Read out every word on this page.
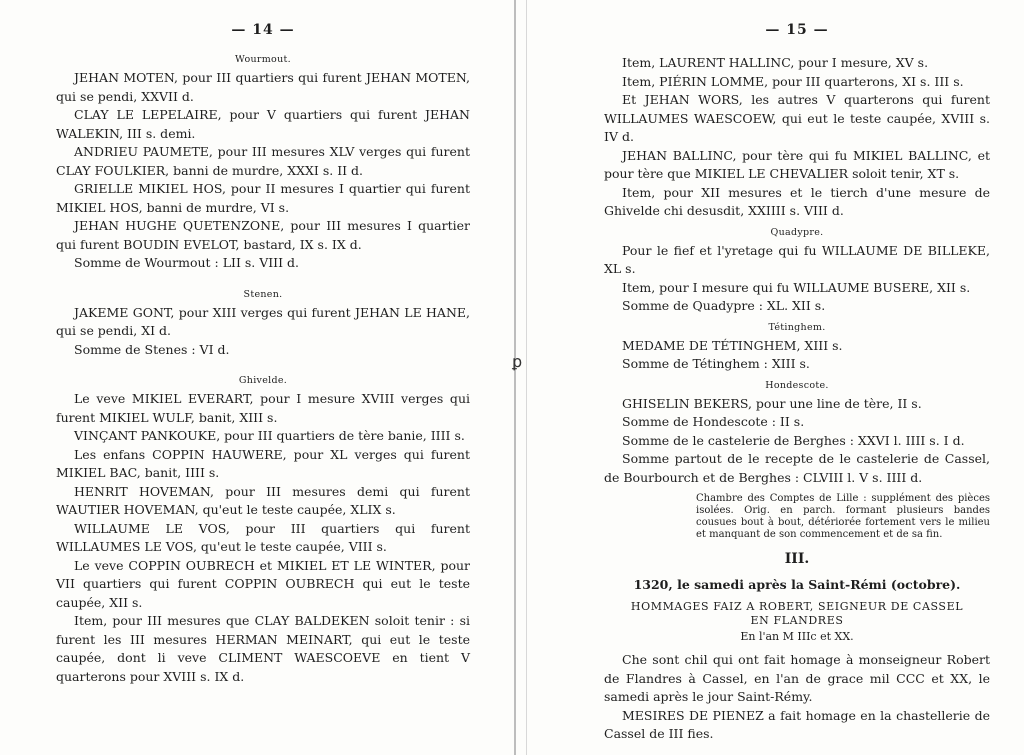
ꝑ
— 14 —
Wourmout.

JEHAN MOTEN, pour III quartiers qui furent JEHAN MOTEN, qui se pendi, XXVII d.

CLAY LE LEPELAIRE, pour V quartiers qui furent JEHAN WALEKIN, III s. demi.

ANDRIEU PAUMETE, pour III mesures XLV verges qui furent CLAY FOULKIER, banni de murdre, XXXI s. II d.

GRIELLE MIKIEL HOS, pour II mesures I quartier qui furent MIKIEL HOS, banni de murdre, VI s.

JEHAN HUGHE QUETENZONE, pour III mesures I quartier qui furent BOUDIN EVELOT, bastard, IX s. IX d.

Somme de Wourmout : LII s. VIII d.

Stenen.

JAKEME GONT, pour XIII verges qui furent JEHAN LE HANE, qui se pendi, XI d.

Somme de Stenes : VI d.

Ghivelde.

Le veve MIKIEL EVERART, pour I mesure XVIII verges qui furent MIKIEL WULF, banit, XIII s.

VINÇANT PANKOUKE, pour III quartiers de tère banie, IIII s.

Les enfans COPPIN HAUWERE, pour XL verges qui furent MIKIEL BAC, banit, IIII s.

HENRIT HOVEMAN, pour III mesures demi qui furent WAUTIER HOVEMAN, qu'eut le teste caupée, XLIX s.

WILLAUME LE VOS, pour III quartiers qui furent WILLAUMES LE VOS, qu'eut le teste caupée, VIII s.

Le veve COPPIN OUBRECH et MIKIEL ET LE WINTER, pour VII quartiers qui furent COPPIN OUBRECH qui eut le teste caupée, XII s.

Item, pour III mesures que CLAY BALDEKEN soloit tenir : si furent les III mesures HERMAN MEINART, qui eut le teste caupée, dont li veve CLIMENT WAESCOEVE en tient V quarterons pour XVIII s. IX d.

— 15 —

Item, LAURENT HALLINC, pour I mesure, XV s.

Item, PIÉRIN LOMME, pour III quarterons, XI s. III s.

Et JEHAN WORS, les autres V quarterons qui furent WILLAUMES WAESCOEW, qui eut le teste caupée, XVIII s. IV d.

JEHAN BALLINC, pour tère qui fu MIKIEL BALLINC, et pour tère que MIKIEL LE CHEVALIER soloit tenir, XT s.

Item, pour XII mesures et le tierch d'une mesure de Ghivelde chi desusdit, XXIIII s. VIII d.

Quadypre.

Pour le fief et l'yretage qui fu WILLAUME DE BILLEKE, XL s.

Item, pour I mesure qui fu WILLAUME BUSERE, XII s.

Somme de Quadypre : XL. XII s.

Tétinghem.

MEDAME DE TÉTINGHEM, XIII s.

Somme de Tétinghem : XIII s.

Hondescote.

GHISELIN BEKERS, pour une line de tère, II s.

Somme de Hondescote : II s.

Somme de le castelerie de Berghes : XXVI l. IIII s. I d.

Somme partout de le recepte de le castelerie de Cassel, de Bourbourch et de Berghes : CLVIII l. V s. IIII d.

Chambre des Comptes de Lille : supplément des pièces isolées. Orig. en parch. formant plusieurs bandes cousues bout à bout, détériorée fortement vers le milieu et manquant de son commencement et de sa fin.

III.
1320, le samedi après la Saint-Rémi (octobre).

HOMMAGES FAIZ A ROBERT, SEIGNEUR DE CASSEL

EN FLANDRES

En l'an M IIIc et XX.

Che sont chil qui ont fait homage à monseigneur Robert de Flandres à Cassel, en l'an de grace mil CCC et XX, le samedi après le jour Saint-Rémy.

MESIRES DE PIENEZ a fait homage en la chastellerie de Cassel de III fies.
